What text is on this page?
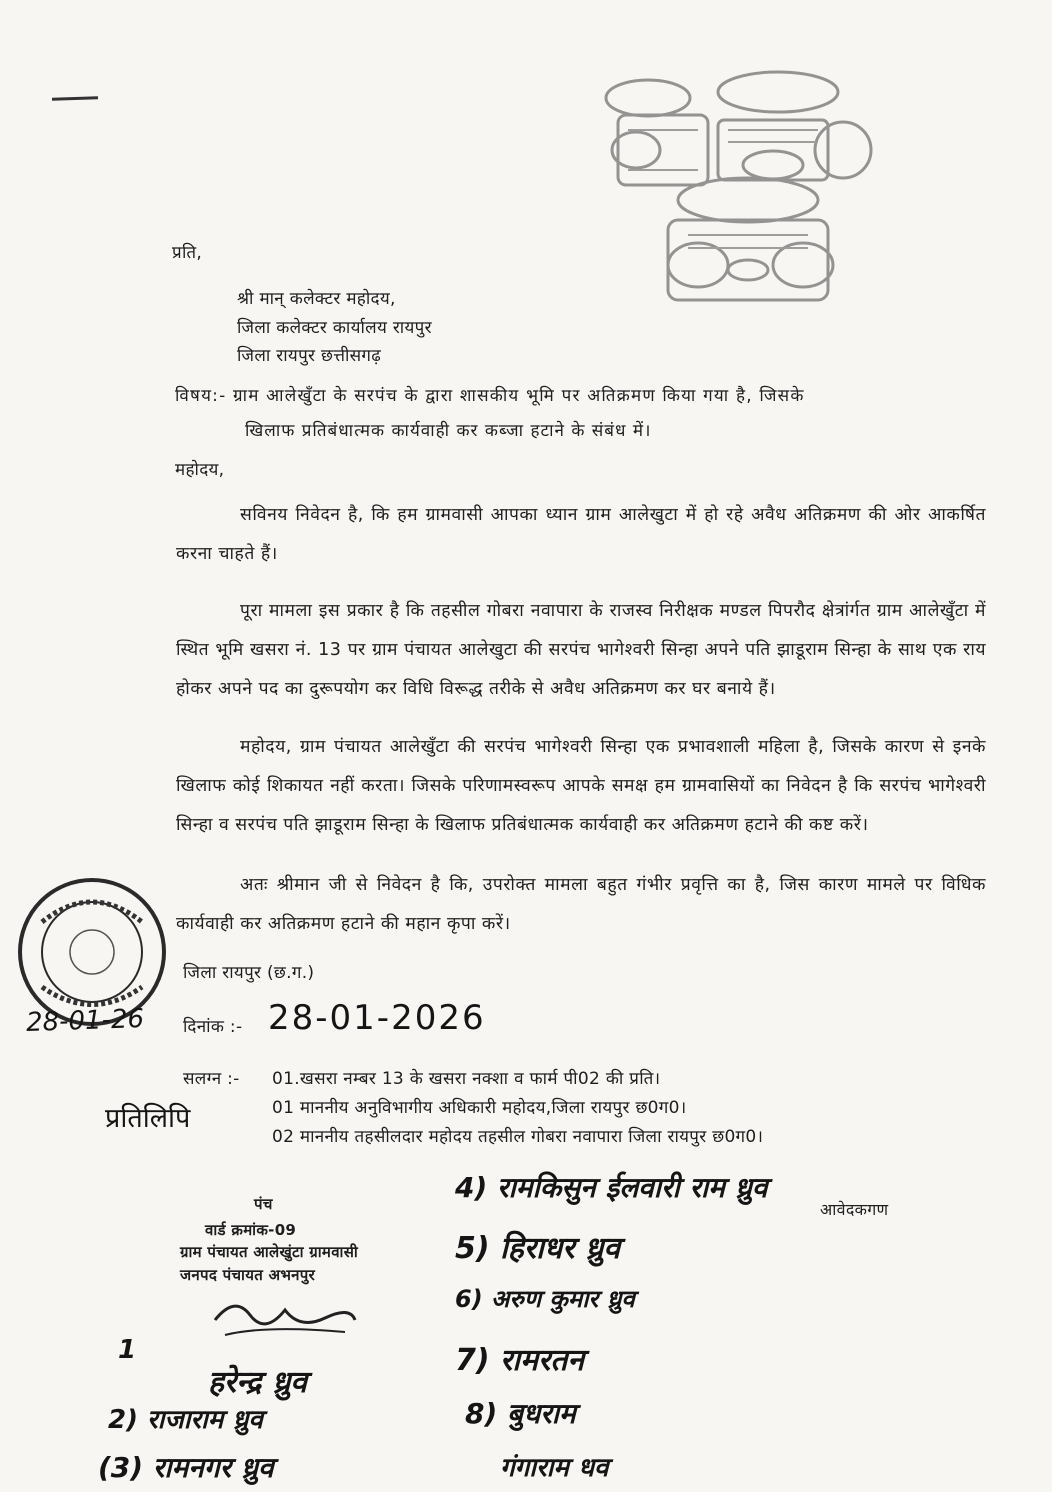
प्रति,
श्री मान् कलेक्टर महोदय,
जिला कलेक्टर कार्यालय रायपुर
जिला रायपुर छत्तीसगढ़
विषय:- ग्राम आलेखुँटा के सरपंच के द्वारा शासकीय भूमि पर अतिक्रमण किया गया है, जिसके
खिलाफ प्रतिबंधात्मक कार्यवाही कर कब्जा हटाने के संबंध में।
महोदय,
सविनय निवेदन है, कि हम ग्रामवासी आपका ध्यान ग्राम आलेखुटा में हो रहे अवैध अतिक्रमण की ओर आकर्षित करना चाहते हैं।
पूरा मामला इस प्रकार है कि तहसील गोबरा नवापारा के राजस्व निरीक्षक मण्डल पिपरौद क्षेत्रांर्गत ग्राम आलेखुँटा में स्थित भूमि खसरा नं. 13 पर ग्राम पंचायत आलेखुटा की सरपंच भागेश्वरी सिन्हा अपने पति झाडूराम सिन्हा के साथ एक राय होकर अपने पद का दुरूपयोग कर विधि विरूद्ध तरीके से अवैध अतिक्रमण कर घर बनाये हैं।
महोदय, ग्राम पंचायत आलेखुँटा की सरपंच भागेश्वरी सिन्हा एक प्रभावशाली महिला है, जिसके कारण से इनके खिलाफ कोई शिकायत नहीं करता। जिसके परिणामस्वरूप आपके समक्ष हम ग्रामवासियों का निवेदन है कि सरपंच भागेश्वरी सिन्हा व सरपंच पति झाडूराम सिन्हा के खिलाफ प्रतिबंधात्मक कार्यवाही कर अतिक्रमण हटाने की कष्ट करें।
अतः श्रीमान जी से निवेदन है कि, उपरोक्त मामला बहुत गंभीर प्रवृत्ति का है, जिस कारण मामले पर विधिक कार्यवाही कर अतिक्रमण हटाने की महान कृपा करें।
जिला रायपुर (छ.ग.)
28-01-26 दिनांक :- 28-01-2026
सलग्न :- 01.खसरा नम्बर 13 के खसरा नक्शा व फार्म पी02 की प्रति।
प्रतिलिपि	01 माननीय अनुविभागीय अधिकारी महोदय,जिला रायपुर छ0ग0।
02 माननीय तहसीलदार महोदय तहसील गोबरा नवापारा जिला रायपुर छ0ग0।
पंच
वार्ड क्रमांक-09
ग्राम पंचायत आलेखुंटा ग्रामवासी
जनपद पंचायत अभनपुर
आवेदकगण
4) रामकिसुन ईलवारी राम ध्रुव
5) हिराधर ध्रुव
6) अरुण कुमार ध्रुव
7) रामरतन
8) बुधराम
1
हरेन्द्र ध्रुव
2) राजाराम ध्रुव
(3) रामनगर ध्रुव	गंगाराम धव
